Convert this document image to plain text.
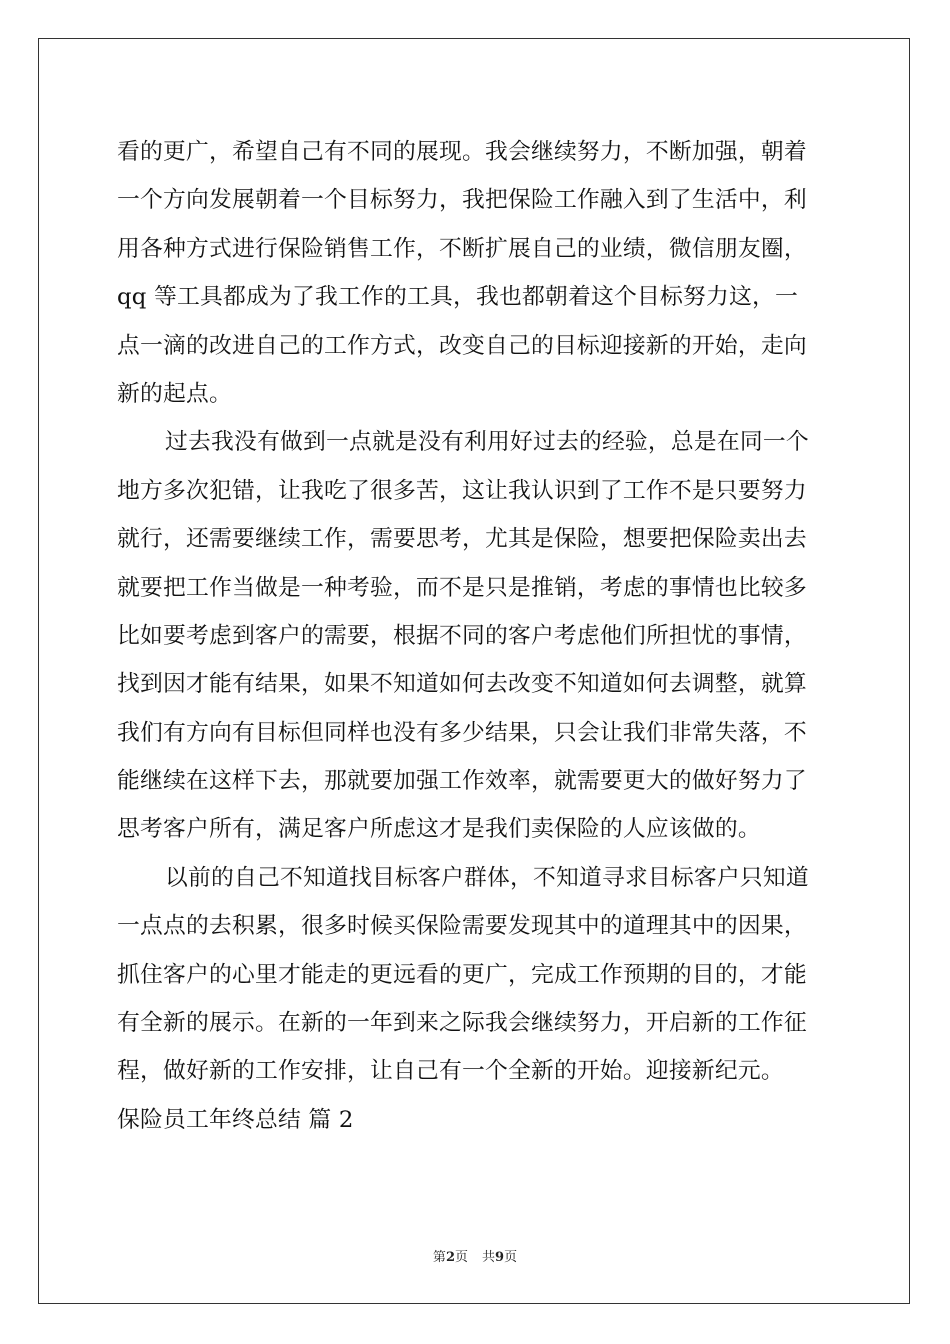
看的更广，希望自己有不同的展现。我会继续努力，不断加强，朝着
一个方向发展朝着一个目标努力，我把保险工作融入到了生活中，利
用各种方式进行保险销售工作，不断扩展自己的业绩，微信朋友圈，
qq 等工具都成为了我工作的工具，我也都朝着这个目标努力这，一
点一滴的改进自己的工作方式，改变自己的目标迎接新的开始，走向
新的起点。
过去我没有做到一点就是没有利用好过去的经验，总是在同一个
地方多次犯错，让我吃了很多苦，这让我认识到了工作不是只要努力
就行，还需要继续工作，需要思考，尤其是保险，想要把保险卖出去
就要把工作当做是一种考验，而不是只是推销，考虑的事情也比较多
比如要考虑到客户的需要，根据不同的客户考虑他们所担忧的事情，
找到因才能有结果，如果不知道如何去改变不知道如何去调整，就算
我们有方向有目标但同样也没有多少结果，只会让我们非常失落，不
能继续在这样下去，那就要加强工作效率，就需要更大的做好努力了
思考客户所有，满足客户所虑这才是我们卖保险的人应该做的。
以前的自己不知道找目标客户群体，不知道寻求目标客户只知道
一点点的去积累，很多时候买保险需要发现其中的道理其中的因果，
抓住客户的心里才能走的更远看的更广，完成工作预期的目的，才能
有全新的展示。在新的一年到来之际我会继续努力，开启新的工作征
程，做好新的工作安排，让自己有一个全新的开始。迎接新纪元。
保险员工年终总结 篇 2
第2页 共9页
